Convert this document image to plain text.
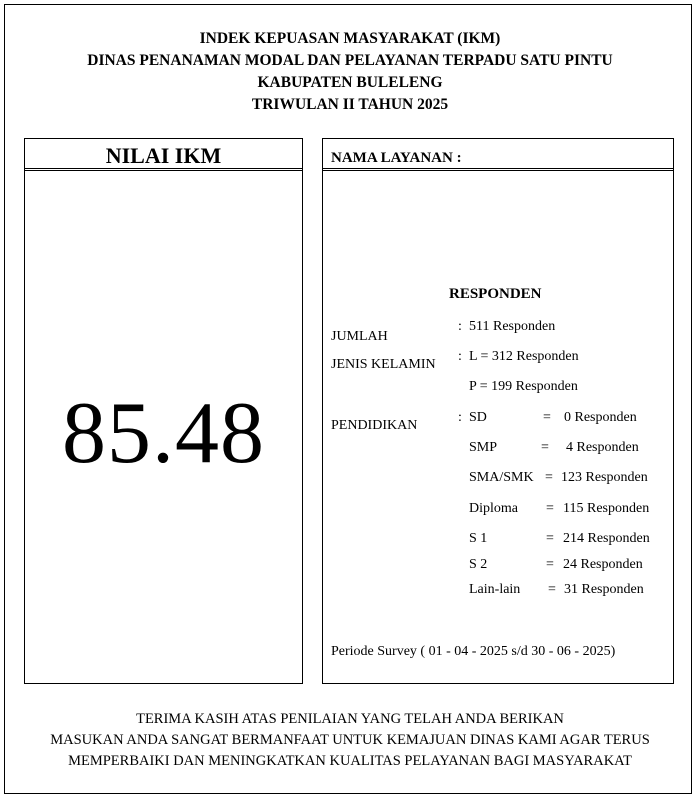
INDEK KEPUASAN MASYARAKAT (IKM)
DINAS PENANAMAN MODAL DAN PELAYANAN TERPADU SATU PINTU
KABUPATEN BULELENG
TRIWULAN II TAHUN 2025
NILAI IKM
85.48
NAMA LAYANAN :
RESPONDEN
JUMLAH
: 511 Responden
JENIS KELAMIN
: L = 312 Responden
P = 199 Responden
PENDIDIKAN
: SD	= 0 Responden
SMP	= 4 Responden
SMA/SMK = 123 Responden
Diploma = 115 Responden
S 1	= 214 Responden
S 2	= 24 Responden
Lain-lain = 31 Responden
Periode Survey ( 01 - 04 - 2025 s/d 30 - 06 - 2025)
TERIMA KASIH ATAS PENILAIAN YANG TELAH ANDA BERIKAN
MASUKAN ANDA SANGAT BERMANFAAT UNTUK KEMAJUAN DINAS KAMI AGAR TERUS
MEMPERBAIKI DAN MENINGKATKAN KUALITAS PELAYANAN BAGI MASYARAKAT
